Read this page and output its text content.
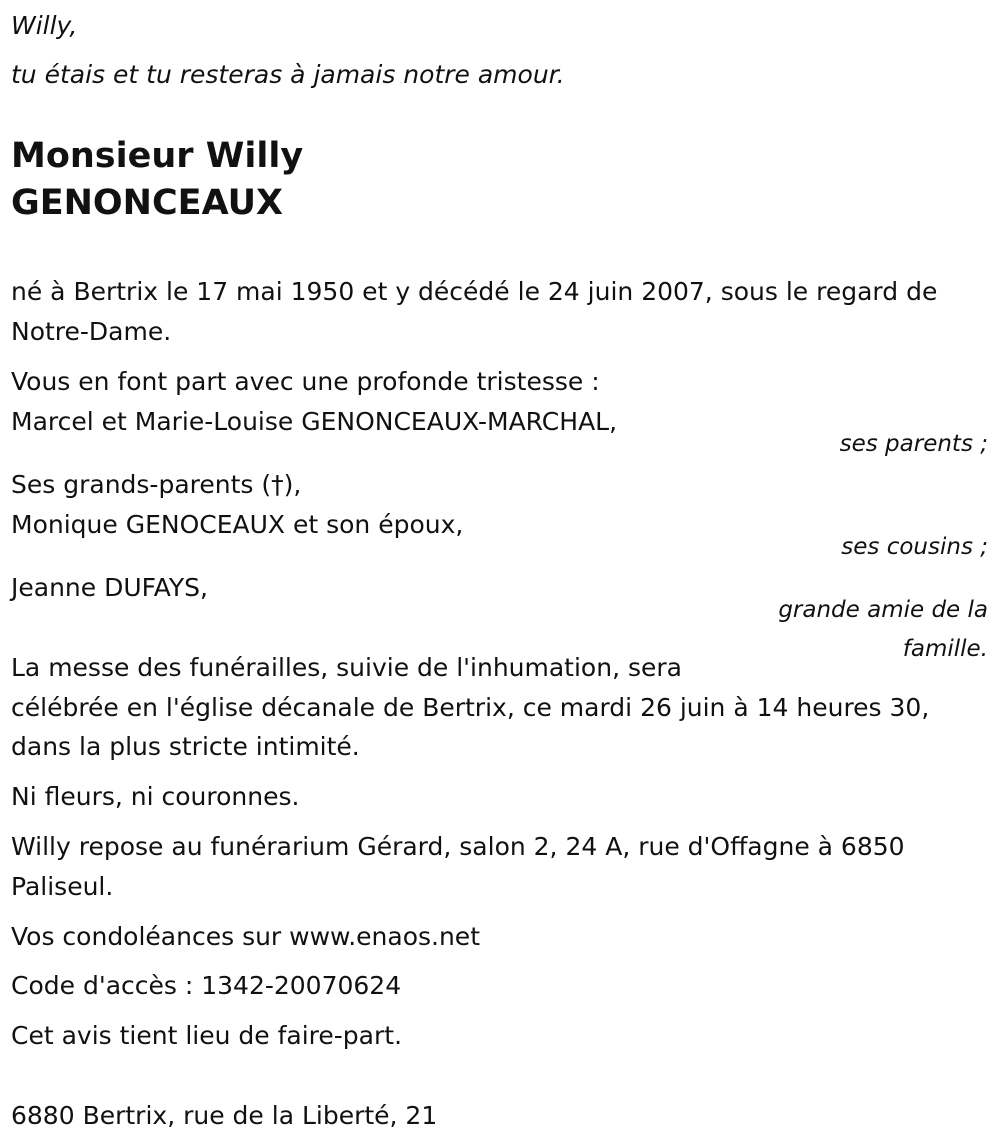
Willy,
tu étais et tu resteras à jamais notre amour.
Monsieur Willy
GENONCEAUX
né à Bertrix le 17 mai 1950 et y décédé le 24 juin 2007, sous le regard de
Notre-Dame.
Vous en font part avec une profonde tristesse :
Marcel et Marie-Louise GENONCEAUX-MARCHAL,
ses parents ;
Ses grands-parents (†),
Monique GENOCEAUX et son époux,
ses cousins ;
Jeanne DUFAYS,
grande amie de la
famille.
La messe des funérailles, suivie de l'inhumation, sera
célébrée en l'église décanale de Bertrix, ce mardi 26 juin à 14 heures 30,
dans la plus stricte intimité.
Ni fleurs, ni couronnes.
Willy repose au funérarium Gérard, salon 2, 24 A, rue d'Offagne à 6850
Paliseul.
Vos condoléances sur www.enaos.net
Code d'accès : 1342-20070624
Cet avis tient lieu de faire-part.
6880 Bertrix, rue de la Liberté, 21
